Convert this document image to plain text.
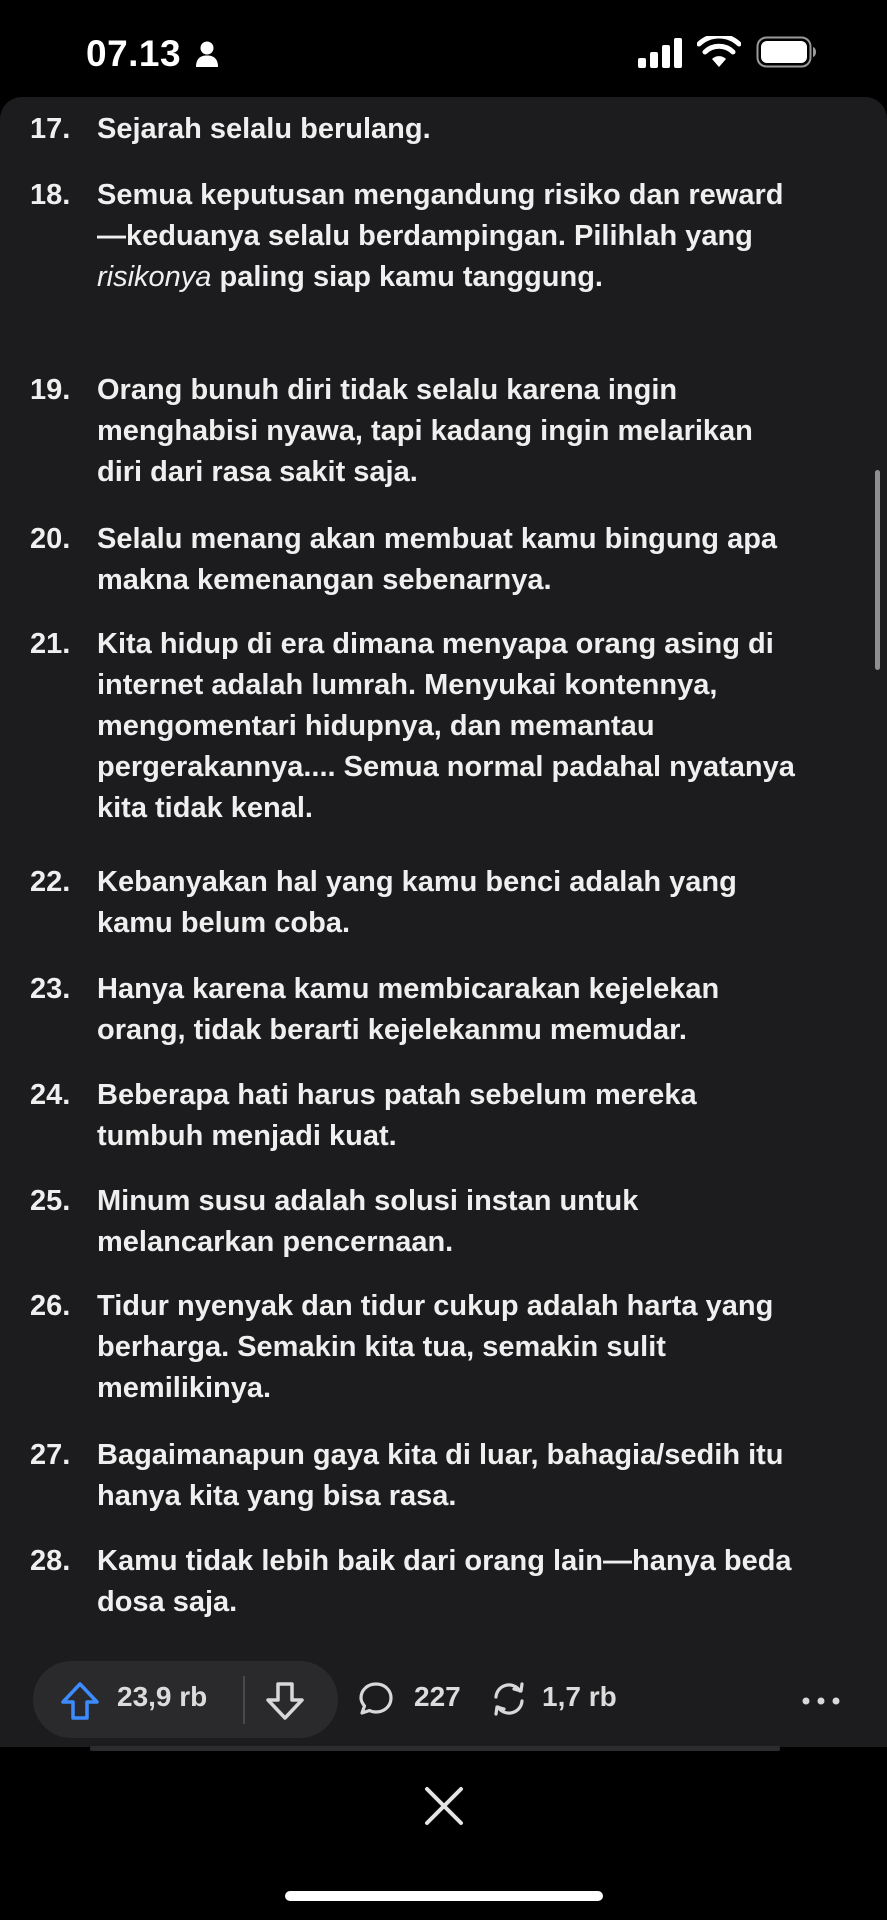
07.13
17. Sejarah selalu berulang.
18. Semua keputusan mengandung risiko dan reward—keduanya selalu berdampingan. Pilihlah yang risikonya paling siap kamu tanggung.
19. Orang bunuh diri tidak selalu karena ingin menghabisi nyawa, tapi kadang ingin melarikan diri dari rasa sakit saja.
20. Selalu menang akan membuat kamu bingung apa makna kemenangan sebenarnya.
21. Kita hidup di era dimana menyapa orang asing di internet adalah lumrah. Menyukai kontennya, mengomentari hidupnya, dan memantau pergerakannya.... Semua normal padahal nyatanya kita tidak kenal.
22. Kebanyakan hal yang kamu benci adalah yang kamu belum coba.
23. Hanya karena kamu membicarakan kejelekan orang, tidak berarti kejelekanmu memudar.
24. Beberapa hati harus patah sebelum mereka tumbuh menjadi kuat.
25. Minum susu adalah solusi instan untuk melancarkan pencernaan.
26. Tidur nyenyak dan tidur cukup adalah harta yang berharga. Semakin kita tua, semakin sulit memilikinya.
27. Bagaimanapun gaya kita di luar, bahagia/sedih itu hanya kita yang bisa rasa.
28. Kamu tidak lebih baik dari orang lain—hanya beda dosa saja.
23,9 rb	227	1,7 rb
